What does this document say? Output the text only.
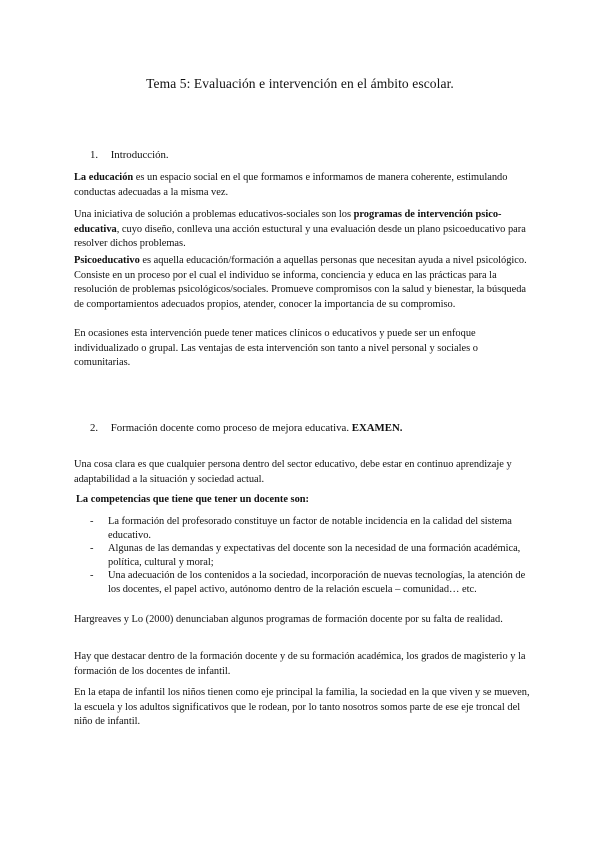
Tema 5: Evaluación e intervención en el ámbito escolar.
1. Introducción.

La educación es un espacio social en el que formamos e informamos de manera coherente, estimulando conductas adecuadas a la misma vez.

Una iniciativa de solución a problemas educativos-sociales son los programas de intervención psico-educativa, cuyo diseño, conlleva una acción estuctural y una evaluación desde un plano psicoeducativo para resolver dichos problemas.

Psicoeducativo es aquella educación/formación a aquellas personas que necesitan ayuda a nivel psicológico. Consiste en un proceso por el cual el individuo se informa, conciencia y educa en las prácticas para la resolución de problemas psicológicos/sociales. Promueve compromisos con la salud y bienestar, la búsqueda de comportamientos adecuados propios, atender, conocer la importancia de su compromiso.

En ocasiones esta intervención puede tener matices clínicos o educativos y puede ser un enfoque individualizado o grupal. Las ventajas de esta intervención son tanto a nivel personal y sociales o comunitarias.

2. Formación docente como proceso de mejora educativa. EXAMEN.

Una cosa clara es que cualquier persona dentro del sector educativo, debe estar en continuo aprendizaje y adaptabilidad a la situación y sociedad actual.

La competencias que tiene que tener un docente son:

- La formación del profesorado constituye un factor de notable incidencia en la calidad del sistema educativo.
- Algunas de las demandas y expectativas del docente son la necesidad de una formación académica, política, cultural y moral;
- Una adecuación de los contenidos a la sociedad, incorporación de nuevas tecnologías, la atención de los docentes, el papel activo, autónomo dentro de la relación escuela – comunidad… etc.

Hargreaves y Lo (2000) denunciaban algunos programas de formación docente por su falta de realidad.

Hay que destacar dentro de la formación docente y de su formación académica, los grados de magisterio y la formación de los docentes de infantil.

En la etapa de infantil los niños tienen como eje principal la familia, la sociedad en la que viven y se mueven, la escuela y los adultos significativos que le rodean, por lo tanto nosotros somos parte de ese eje troncal del niño de infantil.
